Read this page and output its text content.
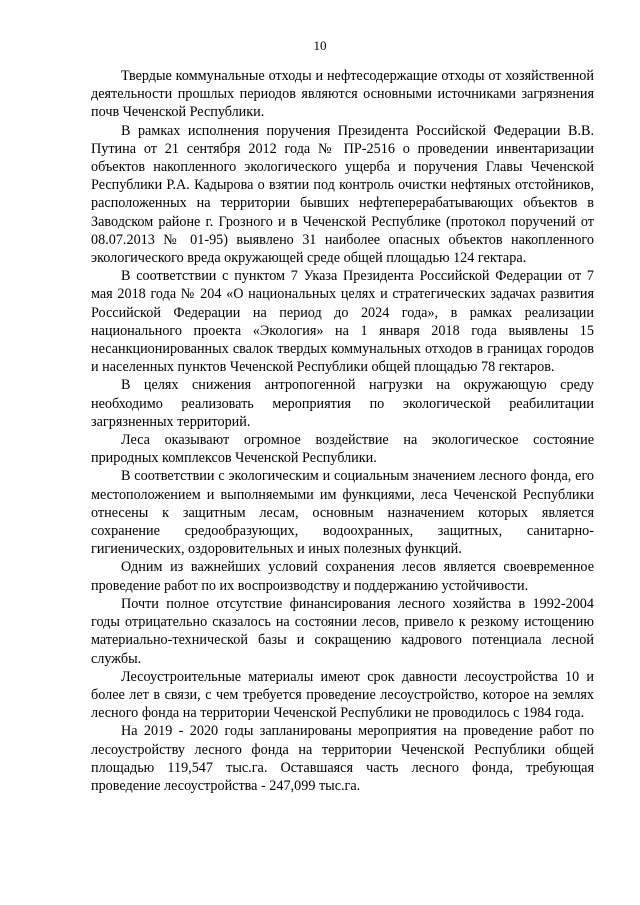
10

Твердые коммунальные отходы и нефтесодержащие отходы от хозяйственной деятельности прошлых периодов являются основными источниками загрязнения почв Чеченской Республики.

В рамках исполнения поручения Президента Российской Федерации В.В. Путина от 21 сентября 2012 года № ПР-2516 о проведении инвентаризации объектов накопленного экологического ущерба и поручения Главы Чеченской Республики Р.А. Кадырова о взятии под контроль очистки нефтяных отстойников, расположенных на территории бывших нефтеперерабатывающих объектов в Заводском районе г. Грозного и в Чеченской Республике (протокол поручений от 08.07.2013 № 01-95) выявлено 31 наиболее опасных объектов накопленного экологического вреда окружающей среде общей площадью 124 гектара.

В соответствии с пунктом 7 Указа Президента Российской Федерации от 7 мая 2018 года № 204 «О национальных целях и стратегических задачах развития Российской Федерации на период до 2024 года», в рамках реализации национального проекта «Экология» на 1 января 2018 года выявлены 15 несанкционированных свалок твердых коммунальных отходов в границах городов и населенных пунктов Чеченской Республики общей площадью 78 гектаров.

В целях снижения антропогенной нагрузки на окружающую среду необходимо реализовать мероприятия по экологической реабилитации загрязненных территорий.

Леса оказывают огромное воздействие на экологическое состояние природных комплексов Чеченской Республики.

В соответствии с экологическим и социальным значением лесного фонда, его местоположением и выполняемыми им функциями, леса Чеченской Республики отнесены к защитным лесам, основным назначением которых является сохранение средообразующих, водоохранных, защитных, санитарно-гигиенических, оздоровительных и иных полезных функций.

Одним из важнейших условий сохранения лесов является своевременное проведение работ по их воспроизводству и поддержанию устойчивости.

Почти полное отсутствие финансирования лесного хозяйства в 1992-2004 годы отрицательно сказалось на состоянии лесов, привело к резкому истощению материально-технической базы и сокращению кадрового потенциала лесной службы.

Лесоустроительные материалы имеют срок давности лесоустройства 10 и более лет в связи, с чем требуется проведение лесоустройство, которое на землях лесного фонда на территории Чеченской Республики не проводилось с 1984 года.

На 2019 - 2020 годы запланированы мероприятия на проведение работ по лесоустройству лесного фонда на территории Чеченской Республики общей площадью 119,547 тыс.га. Оставшаяся часть лесного фонда, требующая проведение лесоустройства - 247,099 тыс.га.
